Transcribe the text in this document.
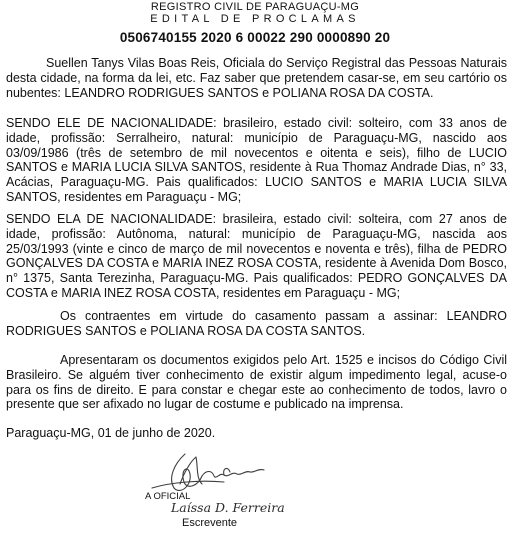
REGISTRO CIVIL DE PARAGUAÇU-MG
EDITAL DE PROCLAMAS
0506740155 2020 6 00022 290 0000890 20

Suellen Tanys Vilas Boas Reis, Oficiala do Serviço Registral das Pessoas Naturais desta cidade, na forma da lei, etc. Faz saber que pretendem casar-se, em seu cartório os nubentes: LEANDRO RODRIGUES SANTOS e POLIANA ROSA DA COSTA.

SENDO ELE DE NACIONALIDADE: brasileiro, estado civil: solteiro, com 33 anos de idade, profissão: Serralheiro, natural: município de Paraguaçu-MG, nascido aos 03/09/1986 (três de setembro de mil novecentos e oitenta e seis), filho de LUCIO SANTOS e MARIA LUCIA SILVA SANTOS, residente à Rua Thomaz Andrade Dias, n° 33, Acácias, Paraguaçu-MG. Pais qualificados: LUCIO SANTOS e MARIA LUCIA SILVA SANTOS, residentes em Paraguaçu - MG;

SENDO ELA DE NACIONALIDADE: brasileira, estado civil: solteira, com 27 anos de idade, profissão: Autônoma, natural: município de Paraguaçu-MG, nascida aos 25/03/1993 (vinte e cinco de março de mil novecentos e noventa e três), filha de PEDRO GONÇALVES DA COSTA e MARIA INEZ ROSA COSTA, residente à Avenida Dom Bosco, n° 1375, Santa Terezinha, Paraguaçu-MG. Pais qualificados: PEDRO GONÇALVES DA COSTA e MARIA INEZ ROSA COSTA, residentes em Paraguaçu - MG;

Os contraentes em virtude do casamento passam a assinar: LEANDRO RODRIGUES SANTOS e POLIANA ROSA DA COSTA SANTOS.

Apresentaram os documentos exigidos pelo Art. 1525 e incisos do Código Civil Brasileiro. Se alguém tiver conhecimento de existir algum impedimento legal, acuse-o para os fins de direito. E para constar e chegar este ao conhecimento de todos, lavro o presente que ser afixado no lugar de costume e publicado na imprensa.

Paraguaçu-MG, 01 de junho de 2020.
A OFICIAL
Laíssa D. Ferreira
Escrevente
